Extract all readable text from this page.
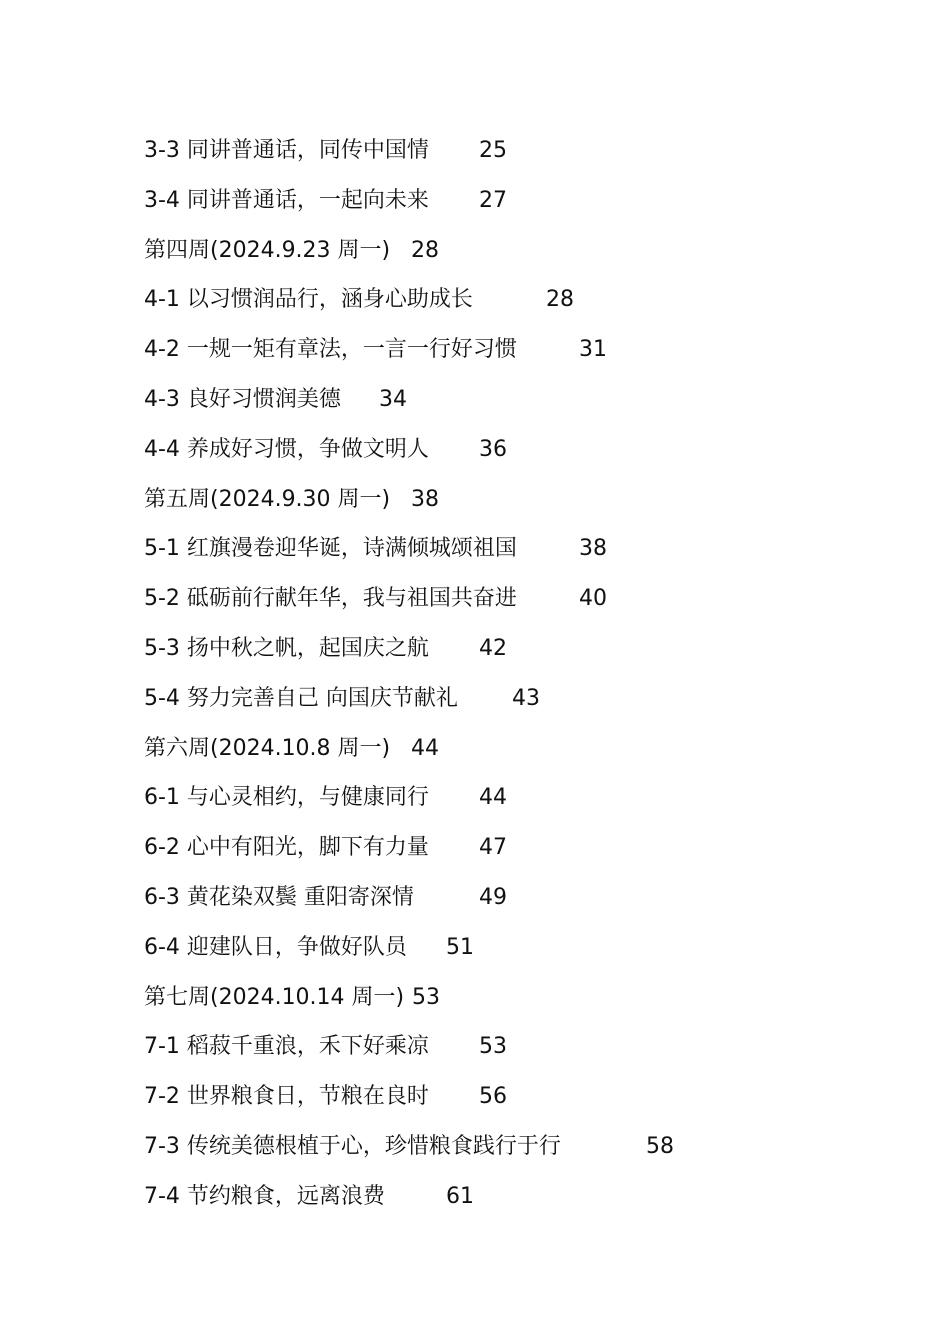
3-3 同讲普通话，同传中国情 25
3-4 同讲普通话，一起向未来 27
第四周(2024.9.23 周一) 28
4-1 以习惯润品行，涵身心助成长	28
4-2 一规一矩有章法，一言一行好习惯	31
4-3 良好习惯润美德 34
4-4 养成好习惯，争做文明人 36
第五周(2024.9.30 周一) 38
5-1 红旗漫卷迎华诞，诗满倾城颂祖国	38
5-2 砥砺前行献年华，我与祖国共奋进	40
5-3 扬中秋之帆，起国庆之航 42
5-4 努力完善自己 向国庆节献礼 43
第六周(2024.10.8 周一) 44
6-1 与心灵相约，与健康同行 44
6-2 心中有阳光，脚下有力量 47
6-3 黄花染双鬓 重阳寄深情	49
6-4 迎建队日，争做好队员 51
第七周(2024.10.14 周一) 53
7-1 稻菽千重浪，禾下好乘凉 53
7-2 世界粮食日，节粮在良时 56
7-3 传统美德根植于心，珍惜粮食践行于行	58
7-4 节约粮食，远离浪费	61
